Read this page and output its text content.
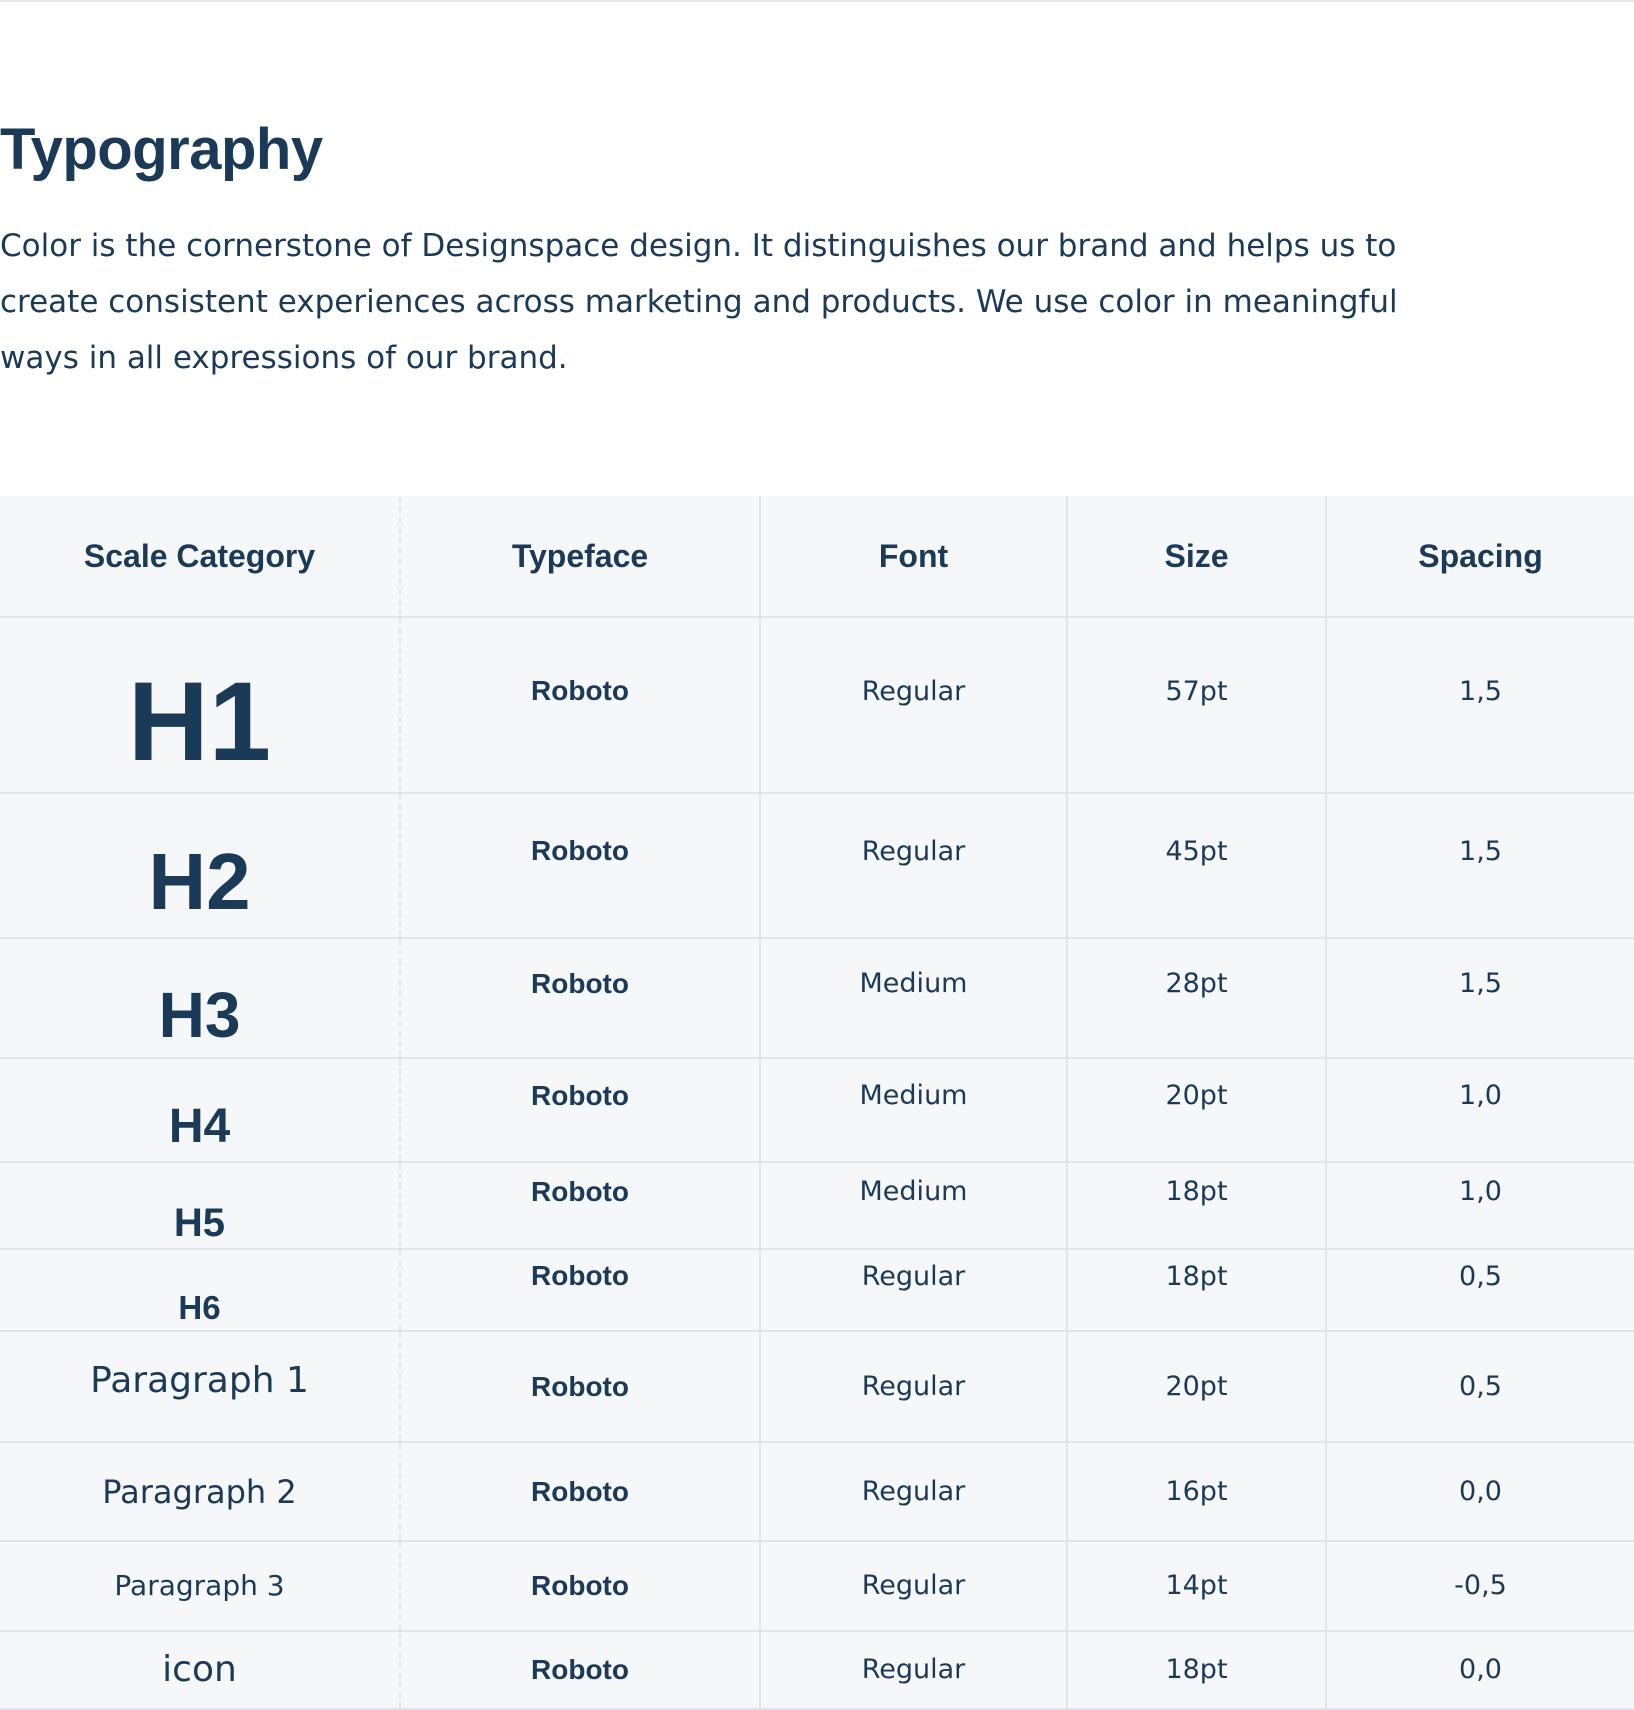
Typography

Color is the cornerstone of Designspace design. It distinguishes our brand and helps us to create consistent experiences across marketing and products. We use color in meaningful ways in all expressions of our brand.

Scale Category	Typeface	Font	Size	Spacing
H1	Roboto	Regular	57pt	1,5
H2	Roboto	Regular	45pt	1,5
H3	Roboto	Medium	28pt	1,5
H4	Roboto	Medium	20pt	1,0
H5	Roboto	Medium	18pt	1,0
H6	Roboto	Regular	18pt	0,5
Paragraph 1	Roboto	Regular	20pt	0,5
Paragraph 2	Roboto	Regular	16pt	0,0
Paragraph 3	Roboto	Regular	14pt	-0,5
icon	Roboto	Regular	18pt	0,0
